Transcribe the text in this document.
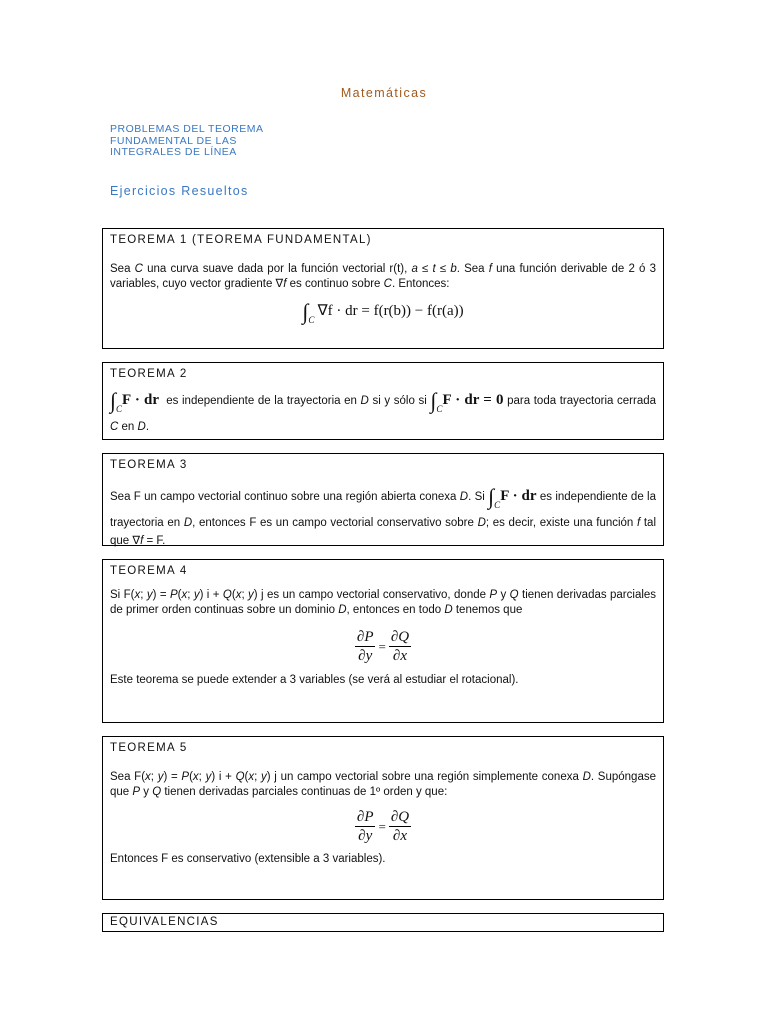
Matemáticas
PROBLEMAS DEL TEOREMA
FUNDAMENTAL DE LAS
INTEGRALES DE LÍNEA
Ejercicios Resueltos
TEOREMA 1 (TEOREMA FUNDAMENTAL)

Sea C una curva suave dada por la función vectorial r(t), a ≤ t ≤ b. Sea f una función derivable de 2 ó 3 variables, cuyo vector gradiente ∇f es continuo sobre C. Entonces:

$\int_C$ ∇f · dr = f(r(b)) − f(r(a))
TEOREMA 2

$\int_CF$ · dr es independiente de la trayectoria en D si y sólo si $\int_CF$ · dr = 0 para toda trayectoria cerrada C en D.

TEOREMA 3

Sea F un campo vectorial continuo sobre una región abierta conexa D. Si $\int_CF$ · dr es independiente de la trayectoria en D, entonces F es un campo vectorial conservativo sobre D; es decir, existe una función f tal que ∇f = F.

TEOREMA 4

Si F(x; y) = P(x; y) i + Q(x; y) j es un campo vectorial conservativo, donde P y Q tienen derivadas parciales de primer orden continuas sobre un dominio D, entonces en todo D tenemos que

$\frac{\partial P}{\partial y} = \frac{\partial Q}{\partial x}$

Este teorema se puede extender a 3 variables (se verá al estudiar el rotacional).

TEOREMA 5

Sea F(x; y) = P(x; y) i + Q(x; y) j un campo vectorial sobre una región simplemente conexa D. Supóngase que P y Q tienen derivadas parciales continuas de 1º orden y que:

$\frac{\partial P}{\partial y} = \frac{\partial Q}{\partial x}$

Entonces F es conservativo (extensible a 3 variables).

EQUIVALENCIAS
